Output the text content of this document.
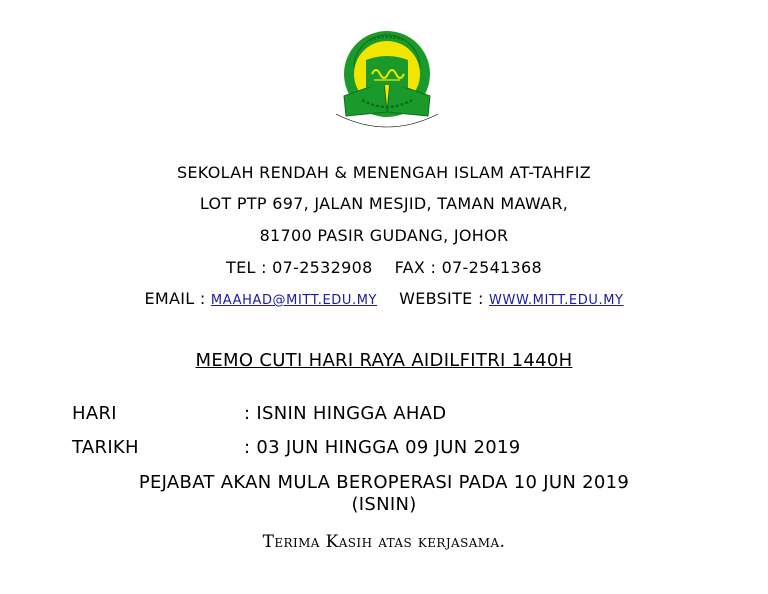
SEKOLAH RENDAH & MENENGAH ISLAM AT-TAHFIZ
LOT PTP 697, JALAN MESJID, TAMAN MAWAR,
81700 PASIR GUDANG, JOHOR
TEL : 07-2532908 FAX : 07-2541368
EMAIL : MAAHAD@MITT.EDU.MY WEBSITE : WWW.MITT.EDU.MY
MEMO CUTI HARI RAYA AIDILFITRI 1440H
HARI	: ISNIN HINGGA AHAD
TARIKH	: 03 JUN HINGGA 09 JUN 2019
PEJABAT AKAN MULA BEROPERASI PADA 10 JUN 2019
(ISNIN)
Terima Kasih atas kerjasama.
